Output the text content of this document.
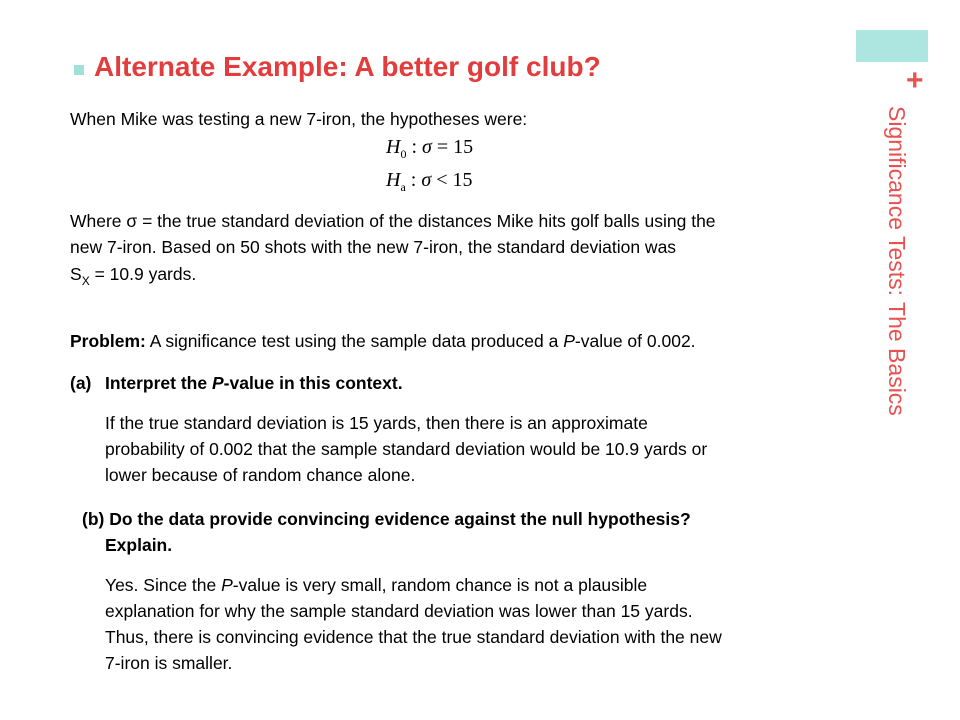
+
Significance Tests: The Basics
Alternate Example: A better golf club?
When Mike was testing a new 7-iron, the hypotheses were:
$H_0$ : σ = 15
$H_a$ : σ < 15
Where σ = the true standard deviation of the distances Mike hits golf balls using the
new 7-iron. Based on 50 shots with the new 7-iron, the standard deviation was
$S_X = 10.9$ yards.
Problem: A significance test using the sample data produced a P-value of 0.002.
(a) Interpret the P-value in this context.
If the true standard deviation is 15 yards, then there is an approximate
probability of 0.002 that the sample standard deviation would be 10.9 yards or
lower because of random chance alone.
(b) Do the data provide convincing evidence against the null hypothesis?
Explain.
Yes. Since the P-value is very small, random chance is not a plausible
explanation for why the sample standard deviation was lower than 15 yards.
Thus, there is convincing evidence that the true standard deviation with the new
7-iron is smaller.
